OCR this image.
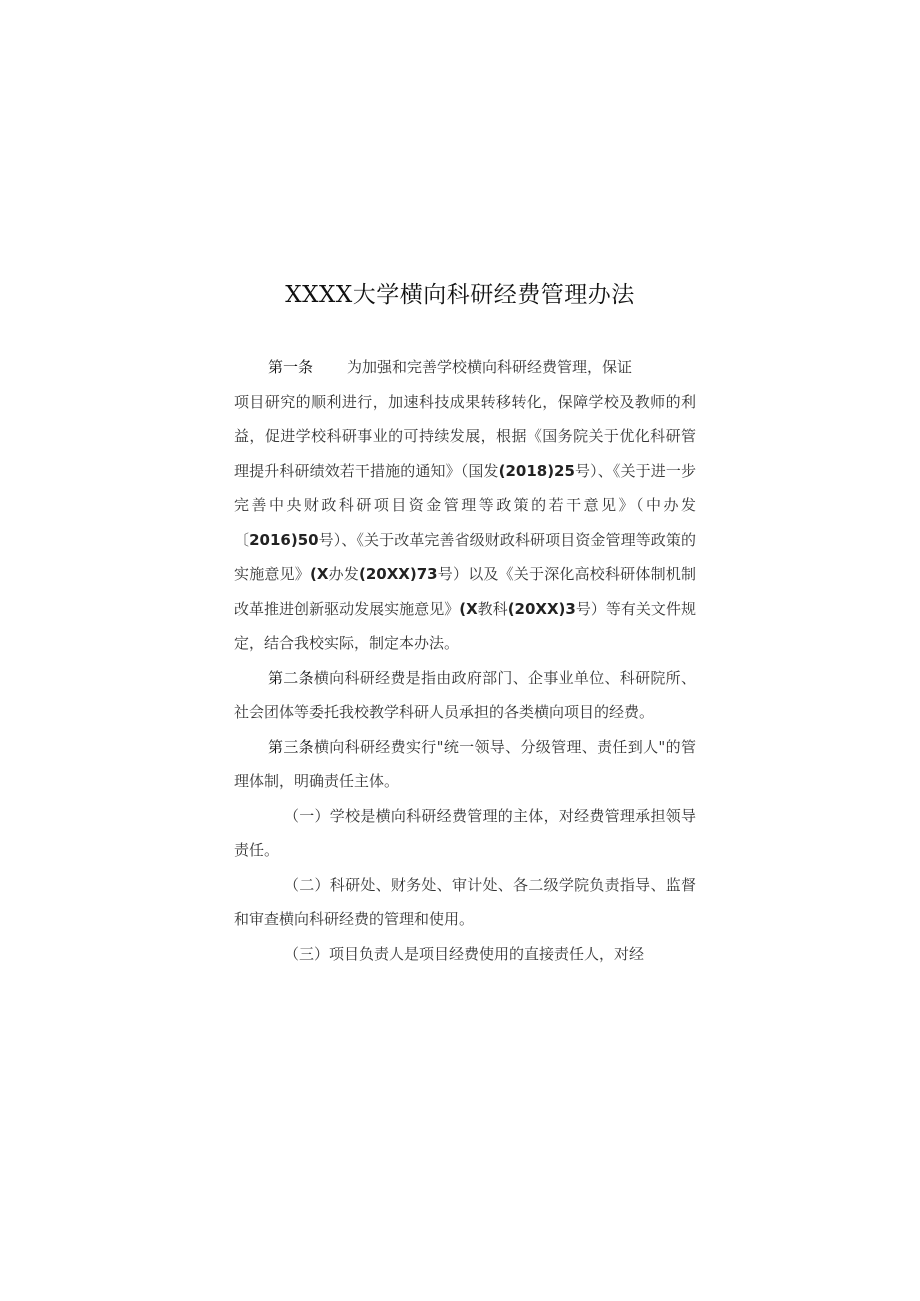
XXXX大学横向科研经费管理办法

第一条 为加强和完善学校横向科研经费管理，保证
项目研究的顺利进行，加速科技成果转移转化，保障学校及教师的利益，促进学校科研事业的可持续发展，根据《国务院关于优化科研管理提升科研绩效若干措施的通知》（国发(2018)25号）、《关于进一步完善中央财政科研项目资金管理等政策的若干意见》（中办发〔2016)50号）、《关于改革完善省级财政科研项目资金管理等政策的实施意见》(X办发(20XX)73号）以及《关于深化高校科研体制机制改革推进创新驱动发展实施意见》(X教科(20XX)3号）等有关文件规定，结合我校实际，制定本办法。

第二条横向科研经费是指由政府部门、企事业单位、科研院所、社会团体等委托我校教学科研人员承担的各类横向项目的经费。

第三条横向科研经费实行"统一领导、分级管理、责任到人"的管理体制，明确责任主体。

（一）学校是横向科研经费管理的主体，对经费管理承担领导责任。

（二）科研处、财务处、审计处、各二级学院负责指导、监督和审查横向科研经费的管理和使用。

（三）项目负责人是项目经费使用的直接责任人，对经
